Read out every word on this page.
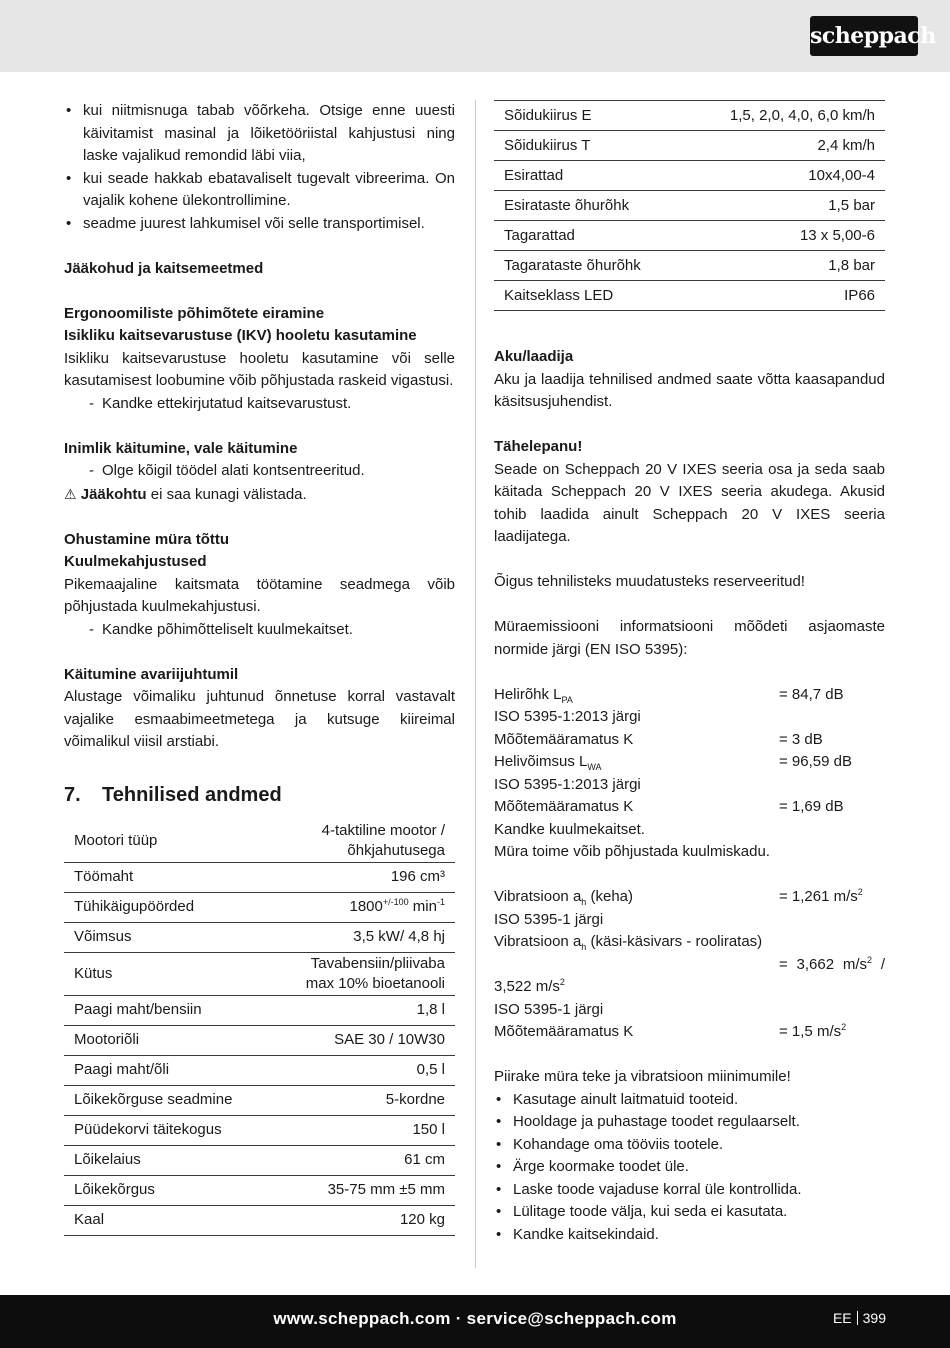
scheppach
• kui niitmisnuga tabab võõrkeha. Otsige enne uuesti käivitamist masinal ja lõiketööriistal kahjustusi ning laske vajalikud remondid läbi viia,
• kui seade hakkab ebatavaliselt tugevalt vibreerima. On vajalik kohene ülekontrollimine.
• seadme juurest lahkumisel või selle transportimisel.

Jääkohud ja kaitsemeetmed

Ergonoomiliste põhimõtete eiramine

Isikliku kaitsevarustuse (IKV) hooletu kasutamine

Isikliku kaitsevarustuse hooletu kasutamine või selle kasutamisest loobumine võib põhjustada raskeid vigastusi.

- Kandke ettekirjutatud kaitsevarustust.

Inimlik käitumine, vale käitumine

- Olge kõigil töödel alati kontsentreeritud.

⚠ Jääkohtu ei saa kunagi välistada.

Ohustamine müra tõttu

Kuulmekahjustused

Pikemaajaline kaitsmata töötamine seadmega võib põhjustada kuulmekahjustusi.

- Kandke põhimõtteliselt kuulmekaitset.

Käitumine avariijuhtumil

Alustage võimaliku juhtunud õnnetuse korral vastavalt vajalike esmaabimeetmetega ja kutsuge kiireimal võimalikul viisil arstiabi.

7. Tehnilised andmed
Mootori tüüp	4-taktiline mootor /
õhkjahutusega
Töömaht	196 cm³
Tühikäigupöörded	$1800^{+/-100}$ $\min^{-1}$
Võimsus	3,5 kW/ 4,8 hj
Kütus	Tavabensiin/pliivaba
max 10% bioetanooli
Paagi maht/bensiin	1,8 l
Mootoriõli	SAE 30 / 10W30
Paagi maht/õli	0,5 l
Lõikekõrguse seadmine	5-kordne
Püüdekorvi täitekogus	150 l
Lõikelaius	61 cm
Lõikekõrgus	35-75 mm ±5 mm
Kaal	120 kg
Sõidukiirus E	1,5, 2,0, 4,0, 6,0 km/h
Sõidukiirus T	2,4 km/h
Esirattad	10x4,00-4
Esirataste õhurõhk	1,5 bar
Tagarattad	13 x 5,00-6
Tagarataste õhurõhk	1,8 bar
Kaitseklass LED	IP66

Aku/laadija

Aku ja laadija tehnilised andmed saate võtta kaasapandud käsitsusjuhendist.

Tähelepanu!

Seade on Scheppach 20 V IXES seeria osa ja seda saab käitada Scheppach 20 V IXES seeria akudega. Akusid tohib laadida ainult Scheppach 20 V IXES seeria laadijatega.

Õigus tehnilisteks muudatusteks reserveeritud!

Müraemissiooni informatsiooni mõõdeti asjaomaste normide järgi (EN ISO 5395):

Helirõhk $L_{PA}$	= 84,7 dB

ISO 5395-1:2013 järgi

Mõõtemääramatus K	= 3 dB
Helivõimsus $L_{WA}$	= 96,59 dB

ISO 5395-1:2013 järgi

Mõõtemääramatus K	= 1,69 dB

Kandke kuulmekaitset.

Müra toime võib põhjustada kuulmiskadu.

Vibratsioon $a_h$ (keha)	= 1,261 $m/s^2$

ISO 5395-1 järgi

Vibratsioon $a_h$ (käsi-käsivars - rooliratas)

= 3,662 $m/s^2$ /

3,522 $m/s^2$

ISO 5395-1 järgi

Mõõtemääramatus K	= 1,5 $m/s^2$

Piirake müra teke ja vibratsioon miinimumile!

• Kasutage ainult laitmatuid tooteid.
• Hooldage ja puhastage toodet regulaarselt.
• Kohandage oma tööviis tootele.
• Ärge koormake toodet üle.
• Laske toode vajaduse korral üle kontrollida.
• Lülitage toode välja, kui seda ei kasutata.
• Kandke kaitsekindaid.
www.scheppach.com · service@scheppach.com	EE 399
